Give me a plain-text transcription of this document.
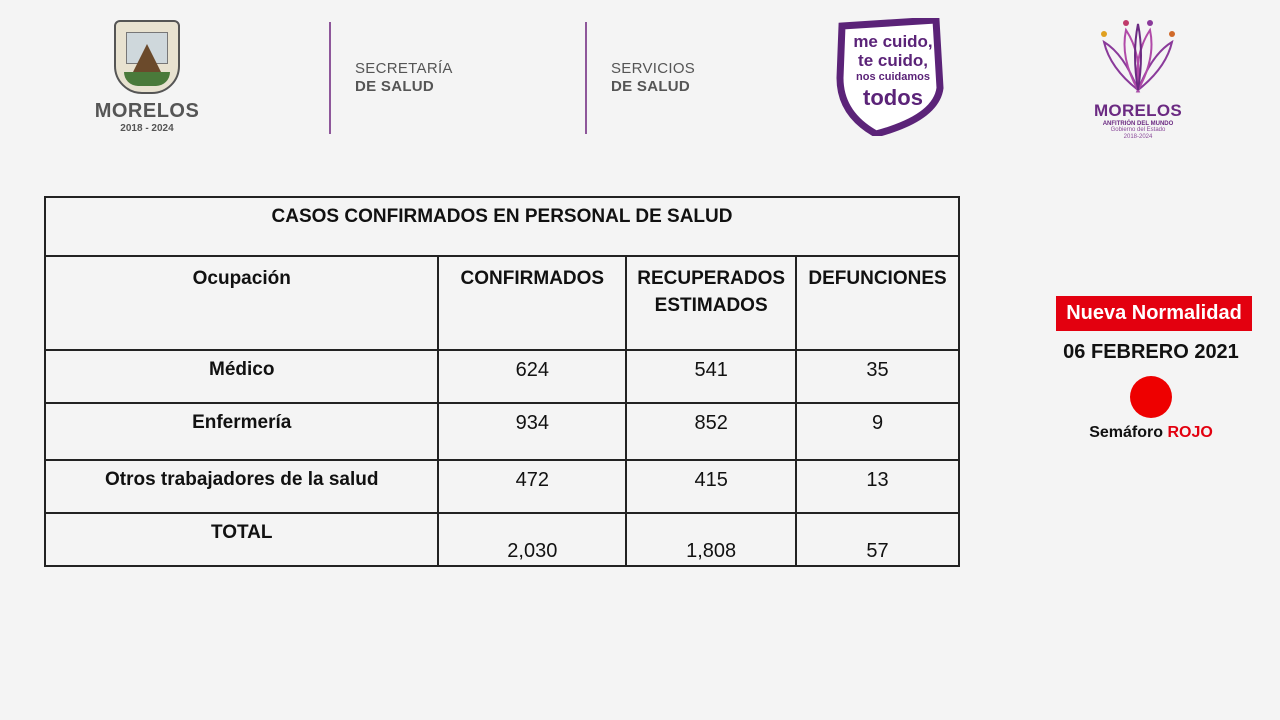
MORELOS
2018 - 2024
SECRETARÍA
DE SALUD
SERVICIOS
DE SALUD
me cuido,
te cuido,
nos cuidamos
todos
MORELOS
ANFITRIÓN DEL MUNDO
Gobierno del Estado
2018-2024
CASOS CONFIRMADOS EN PERSONAL DE SALUD			
Ocupación	CONFIRMADOS	RECUPERADOS ESTIMADOS	DEFUNCIONES
Médico	624	541	35
Enfermería	934	852	9
Otros trabajadores de la salud	472	415	13
TOTAL	2,030	1,808	57
Nueva Normalidad
06 FEBRERO 2021
Semáforo ROJO
